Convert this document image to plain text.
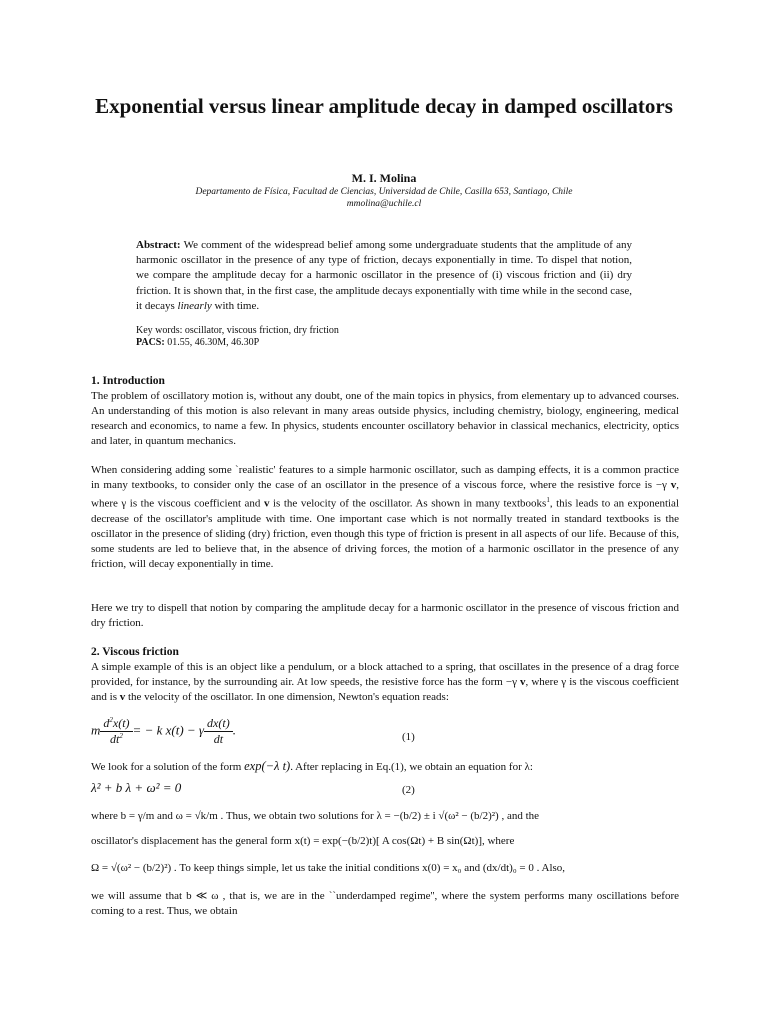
Exponential versus linear amplitude decay in damped oscillators
M. I. Molina
Departamento de Física, Facultad de Ciencias, Universidad de Chile, Casilla 653, Santiago, Chile
mmolina@uchile.cl
Abstract: We comment of the widespread belief among some undergraduate students that the amplitude of any harmonic oscillator in the presence of any type of friction, decays exponentially in time. To dispel that notion, we compare the amplitude decay for a harmonic oscillator in the presence of (i) viscous friction and (ii) dry friction. It is shown that, in the first case, the amplitude decays exponentially with time while in the second case, it decays linearly with time.
Key words: oscillator, viscous friction, dry friction
PACS: 01.55, 46.30M, 46.30P
1. Introduction
The problem of oscillatory motion is, without any doubt, one of the main topics in physics, from elementary up to advanced courses. An understanding of this motion is also relevant in many areas outside physics, including chemistry, biology, engineering, medical research and economics, to name a few. In physics, students encounter oscillatory behavior in classical mechanics, electricity, optics and later, in quantum mechanics.
When considering adding some `realistic' features to a simple harmonic oscillator, such as damping effects, it is a common practice in many textbooks, to consider only the case of an oscillator in the presence of a viscous force, where the resistive force is −γ v, where γ is the viscous coefficient and v is the velocity of the oscillator. As shown in many textbooks$^1$, this leads to an exponential decrease of the oscillator's amplitude with time. One important case which is not normally treated in standard textbooks is the oscillator in the presence of sliding (dry) friction, even though this type of friction is present in all aspects of our life. Because of this, some students are led to believe that, in the absence of driving forces, the motion of a harmonic oscillator in the presence of any friction, will decay exponentially in time.
Here we try to dispell that notion by comparing the amplitude decay for a harmonic oscillator in the presence of viscous friction and dry friction.
2. Viscous friction
A simple example of this is an object like a pendulum, or a block attached to a spring, that oscillates in the presence of a drag force provided, for instance, by the surrounding air. At low speeds, the resistive force has the form −γ v, where γ is the viscous coefficient and is v the velocity of the oscillator. In one dimension, Newton's equation reads:
m $\frac{d^2x(t)}{dt^2}$ = − k x(t) − γ $\frac{dx(t)}{dt}$ .	(1)
We look for a solution of the form exp(−λ t). After replacing in Eq.(1), we obtain an equation for λ:
λ² + b λ + ω² = 0	(2)
where b = γ/m and ω = √k/m . Thus, we obtain two solutions for λ = −(b/2) ± i √(ω² − (b/2)²) , and the
oscillator's displacement has the general form x(t) = exp(−(b/2)t)[ A cos(Ωt) + B sin(Ωt)], where
Ω = √(ω² − (b/2)²) . To keep things simple, let us take the initial conditions x(0) = x₀ and (dx/dt)₀ = 0 . Also,
we will assume that b ≪ ω , that is, we are in the ``underdamped regime'', where the system performs many oscillations before coming to a rest. Thus, we obtain
